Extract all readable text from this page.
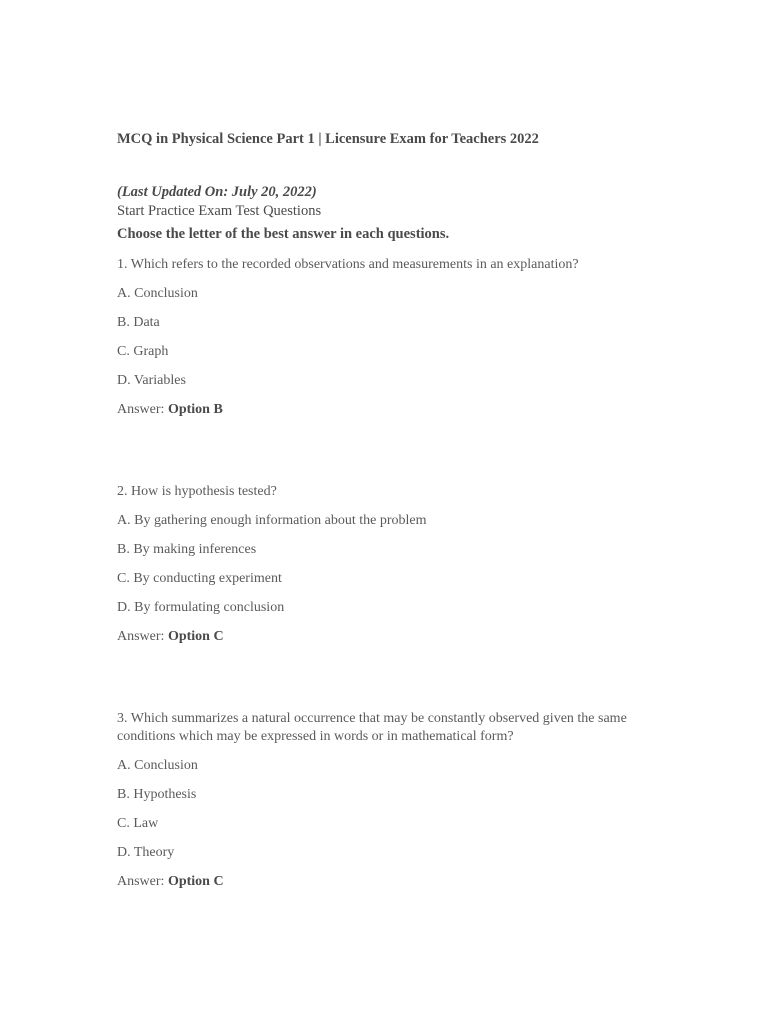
MCQ in Physical Science Part 1 | Licensure Exam for Teachers 2022
(Last Updated On: July 20, 2022)
Start Practice Exam Test Questions
Choose the letter of the best answer in each questions.

1. Which refers to the recorded observations and measurements in an explanation?

A. Conclusion

B. Data

C. Graph

D. Variables

Answer: Option B

2. How is hypothesis tested?

A. By gathering enough information about the problem

B. By making inferences

C. By conducting experiment

D. By formulating conclusion

Answer: Option C

3. Which summarizes a natural occurrence that may be constantly observed given the same conditions which may be expressed in words or in mathematical form?

A. Conclusion

B. Hypothesis

C. Law

D. Theory

Answer: Option C
